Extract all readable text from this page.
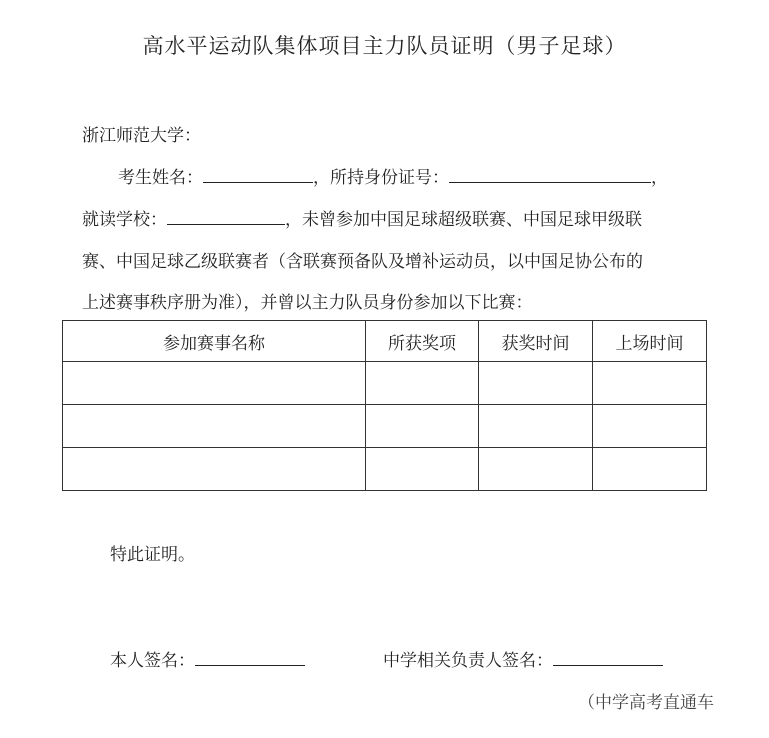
高水平运动队集体项目主力队员证明（男子足球）
浙江师范大学：
考生姓名：	，所持身份证号：	，
就读学校：	，未曾参加中国足球超级联赛、中国足球甲级联
赛、中国足球乙级联赛者（含联赛预备队及增补运动员，以中国足协公布的
上述赛事秩序册为准），并曾以主力队员身份参加以下比赛：
参加赛事名称	所获奖项	获奖时间	上场时间

特此证明。
本人签名：	中学相关负责人签名：
（中学高考直通车
